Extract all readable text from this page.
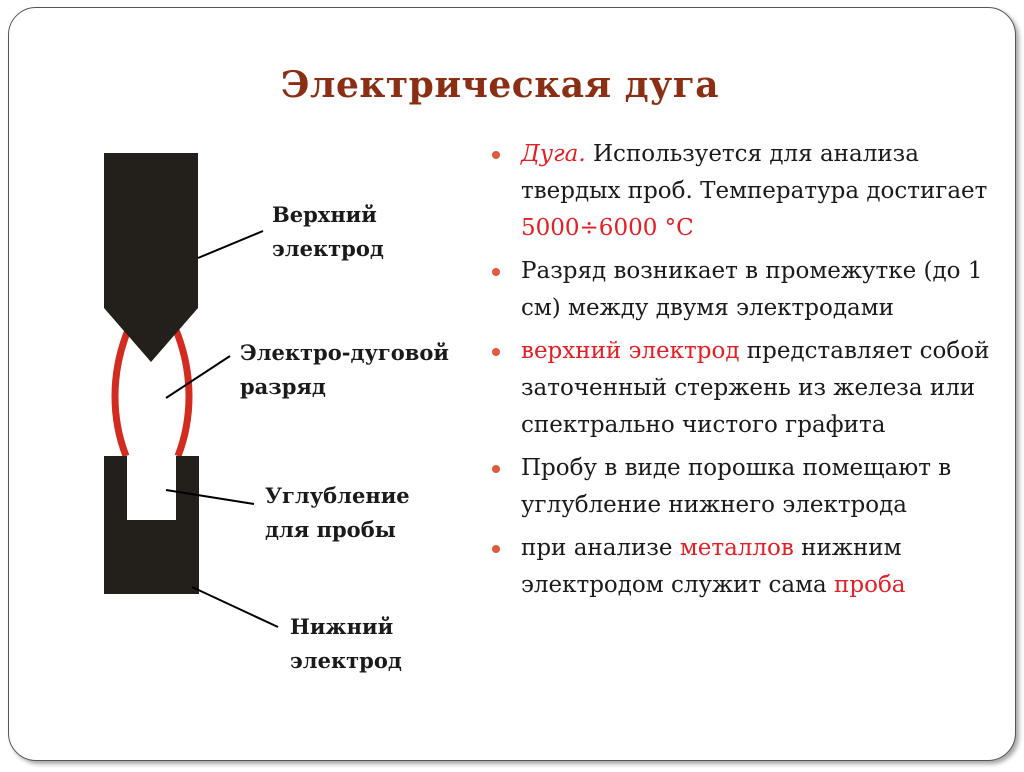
Электрическая дуга
Верхний
электрод
Электро-дуговой
разряд
Углубление
для пробы
Нижний
электрод
Дуга. Используется для анализа твердых проб. Температура достигает 5000÷6000 °С
Разряд возникает в промежутке (до 1 см) между двумя электродами
верхний электрод представляет собой заточенный стержень из железа или спектрально чистого графита
Пробу в виде порошка помещают в углубление нижнего электрода
при анализе металлов нижним электродом служит сама проба
